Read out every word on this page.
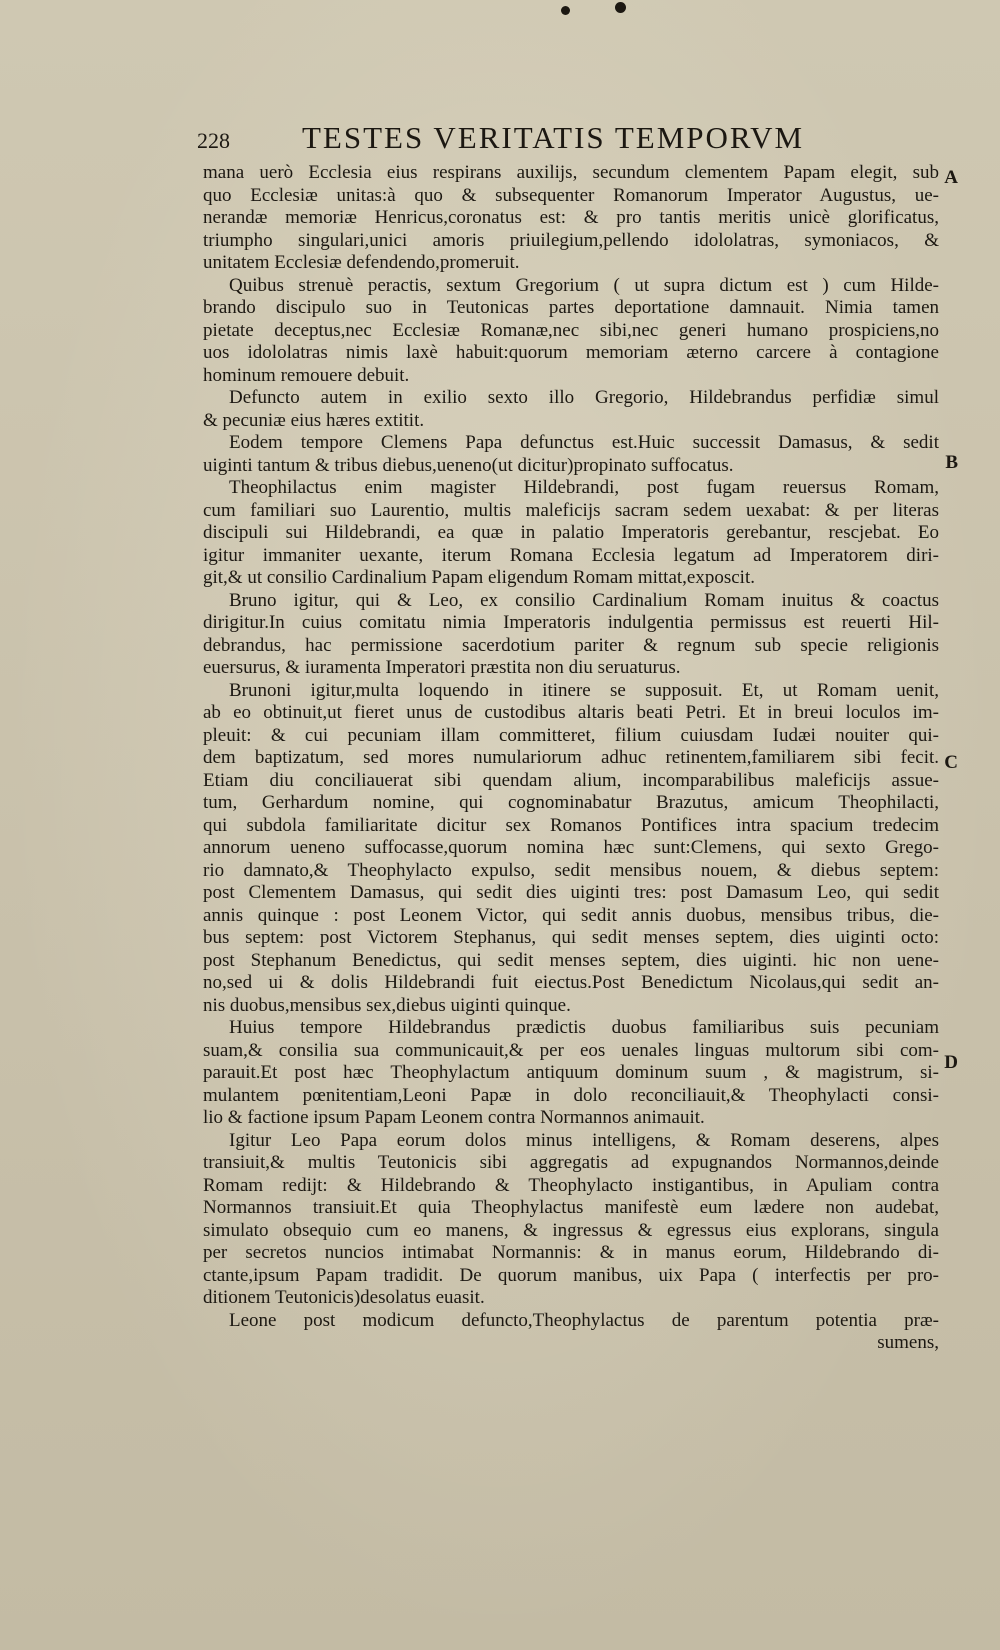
228 TESTES VERITATIS TEMPORVM
A
B
C
D
mana uerò Ecclesia eius respirans auxilijs, secundum clementem Papam elegit, sub
quo Ecclesiæ unitas:à quo & subsequenter Romanorum Imperator Augustus, ue-
nerandæ memoriæ Henricus,coronatus est: & pro tantis meritis unicè glorificatus,
triumpho singulari,unici amoris priuilegium,pellendo idololatras, symoniacos, &
unitatem Ecclesiæ defendendo,promeruit.
Quibus strenuè peractis, sextum Gregorium ( ut supra dictum est ) cum Hilde-
brando discipulo suo in Teutonicas partes deportatione damnauit. Nimia tamen
pietate deceptus,nec Ecclesiæ Romanæ,nec sibi,nec generi humano prospiciens,no
uos idololatras nimis laxè habuit:quorum memoriam æterno carcere à contagione
hominum remouere debuit.
Defuncto autem in exilio sexto illo Gregorio, Hildebrandus perfidiæ simul
& pecuniæ eius hæres extitit.
Eodem tempore Clemens Papa defunctus est.Huic successit Damasus, & sedit
uiginti tantum & tribus diebus,ueneno(ut dicitur)propinato suffocatus.
Theophilactus enim magister Hildebrandi, post fugam reuersus Romam,
cum familiari suo Laurentio, multis maleficijs sacram sedem uexabat: & per literas
discipuli sui Hildebrandi, ea quæ in palatio Imperatoris gerebantur, rescjebat. Eo
igitur immaniter uexante, iterum Romana Ecclesia legatum ad Imperatorem diri-
git,& ut consilio Cardinalium Papam eligendum Romam mittat,exposcit.
Bruno igitur, qui & Leo, ex consilio Cardinalium Romam inuitus & coactus
dirigitur.In cuius comitatu nimia Imperatoris indulgentia permissus est reuerti Hil-
debrandus, hac permissione sacerdotium pariter & regnum sub specie religionis
euersurus, & iuramenta Imperatori præstita non diu seruaturus.
Brunoni igitur,multa loquendo in itinere se supposuit. Et, ut Romam uenit,
ab eo obtinuit,ut fieret unus de custodibus altaris beati Petri. Et in breui loculos im-
pleuit: & cui pecuniam illam committeret, filium cuiusdam Iudæi nouiter qui-
dem baptizatum, sed mores numulariorum adhuc retinentem,familiarem sibi fecit.
Etiam diu conciliauerat sibi quendam alium, incomparabilibus maleficijs assue-
tum, Gerhardum nomine, qui cognominabatur Brazutus, amicum Theophilacti,
qui subdola familiaritate dicitur sex Romanos Pontifices intra spacium tredecim
annorum ueneno suffocasse,quorum nomina hæc sunt:Clemens, qui sexto Grego-
rio damnato,& Theophylacto expulso, sedit mensibus nouem, & diebus septem:
post Clementem Damasus, qui sedit dies uiginti tres: post Damasum Leo, qui sedit
annis quinque : post Leonem Victor, qui sedit annis duobus, mensibus tribus, die-
bus septem: post Victorem Stephanus, qui sedit menses septem, dies uiginti octo:
post Stephanum Benedictus, qui sedit menses septem, dies uiginti. hic non uene-
no,sed ui & dolis Hildebrandi fuit eiectus.Post Benedictum Nicolaus,qui sedit an-
nis duobus,mensibus sex,diebus uiginti quinque.
Huius tempore Hildebrandus prædictis duobus familiaribus suis pecuniam
suam,& consilia sua communicauit,& per eos uenales linguas multorum sibi com-
parauit.Et post hæc Theophylactum antiquum dominum suum , & magistrum, si-
mulantem pœnitentiam,Leoni Papæ in dolo reconciliauit,& Theophylacti consi-
lio & factione ipsum Papam Leonem contra Normannos animauit.
Igitur Leo Papa eorum dolos minus intelligens, & Romam deserens, alpes
transiuit,& multis Teutonicis sibi aggregatis ad expugnandos Normannos,deinde
Romam rediјt: & Hildebrando & Theophylacto instigantibus, in Apuliam contra
Normannos transiuit.Et quia Theophylactus manifestè eum lædere non audebat,
simulato obsequio cum eo manens, & ingressus & egressus eius explorans, singula
per secretos nuncios intimabat Normannis: & in manus eorum, Hildebrando di-
ctante,ipsum Papam tradidit. De quorum manibus, uix Papa ( interfectis per pro-
ditionem Teutonicis)desolatus euasit.
Leone post modicum defuncto,Theophylactus de parentum potentia præ-
sumens,
